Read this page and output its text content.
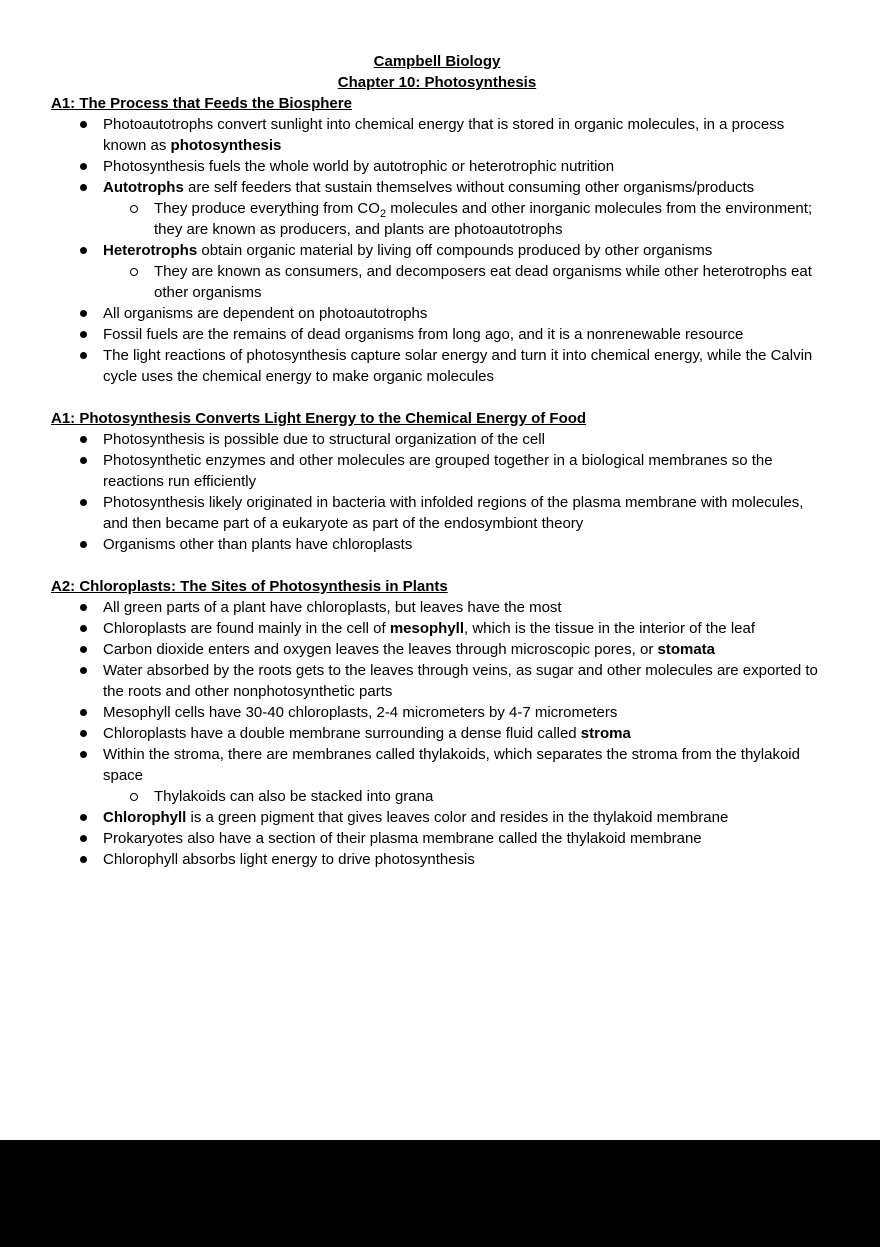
Campbell Biology
Chapter 10: Photosynthesis
A1: The Process that Feeds the Biosphere
Photoautotrophs convert sunlight into chemical energy that is stored in organic molecules, in a process known as photosynthesis
Photosynthesis fuels the whole world by autotrophic or heterotrophic nutrition
Autotrophs are self feeders that sustain themselves without consuming other organisms/products
They produce everything from $CO_2$ molecules and other inorganic molecules from the environment; they are known as producers, and plants are photoautotrophs
Heterotrophs obtain organic material by living off compounds produced by other organisms
They are known as consumers, and decomposers eat dead organisms while other heterotrophs eat other organisms
All organisms are dependent on photoautotrophs
Fossil fuels are the remains of dead organisms from long ago, and it is a nonrenewable resource
The light reactions of photosynthesis capture solar energy and turn it into chemical energy, while the Calvin cycle uses the chemical energy to make organic molecules
A1: Photosynthesis Converts Light Energy to the Chemical Energy of Food
Photosynthesis is possible due to structural organization of the cell
Photosynthetic enzymes and other molecules are grouped together in a biological membranes so the reactions run efficiently
Photosynthesis likely originated in bacteria with infolded regions of the plasma membrane with molecules, and then became part of a eukaryote as part of the endosymbiont theory
Organisms other than plants have chloroplasts
A2: Chloroplasts: The Sites of Photosynthesis in Plants
All green parts of a plant have chloroplasts, but leaves have the most
Chloroplasts are found mainly in the cell of mesophyll, which is the tissue in the interior of the leaf
Carbon dioxide enters and oxygen leaves the leaves through microscopic pores, or stomata
Water absorbed by the roots gets to the leaves through veins, as sugar and other molecules are exported to the roots and other nonphotosynthetic parts
Mesophyll cells have 30-40 chloroplasts, 2-4 micrometers by 4-7 micrometers
Chloroplasts have a double membrane surrounding a dense fluid called stroma
Within the stroma, there are membranes called thylakoids, which separates the stroma from the thylakoid space
Thylakoids can also be stacked into grana
Chlorophyll is a green pigment that gives leaves color and resides in the thylakoid membrane
Prokaryotes also have a section of their plasma membrane called the thylakoid membrane
Chlorophyll absorbs light energy to drive photosynthesis
